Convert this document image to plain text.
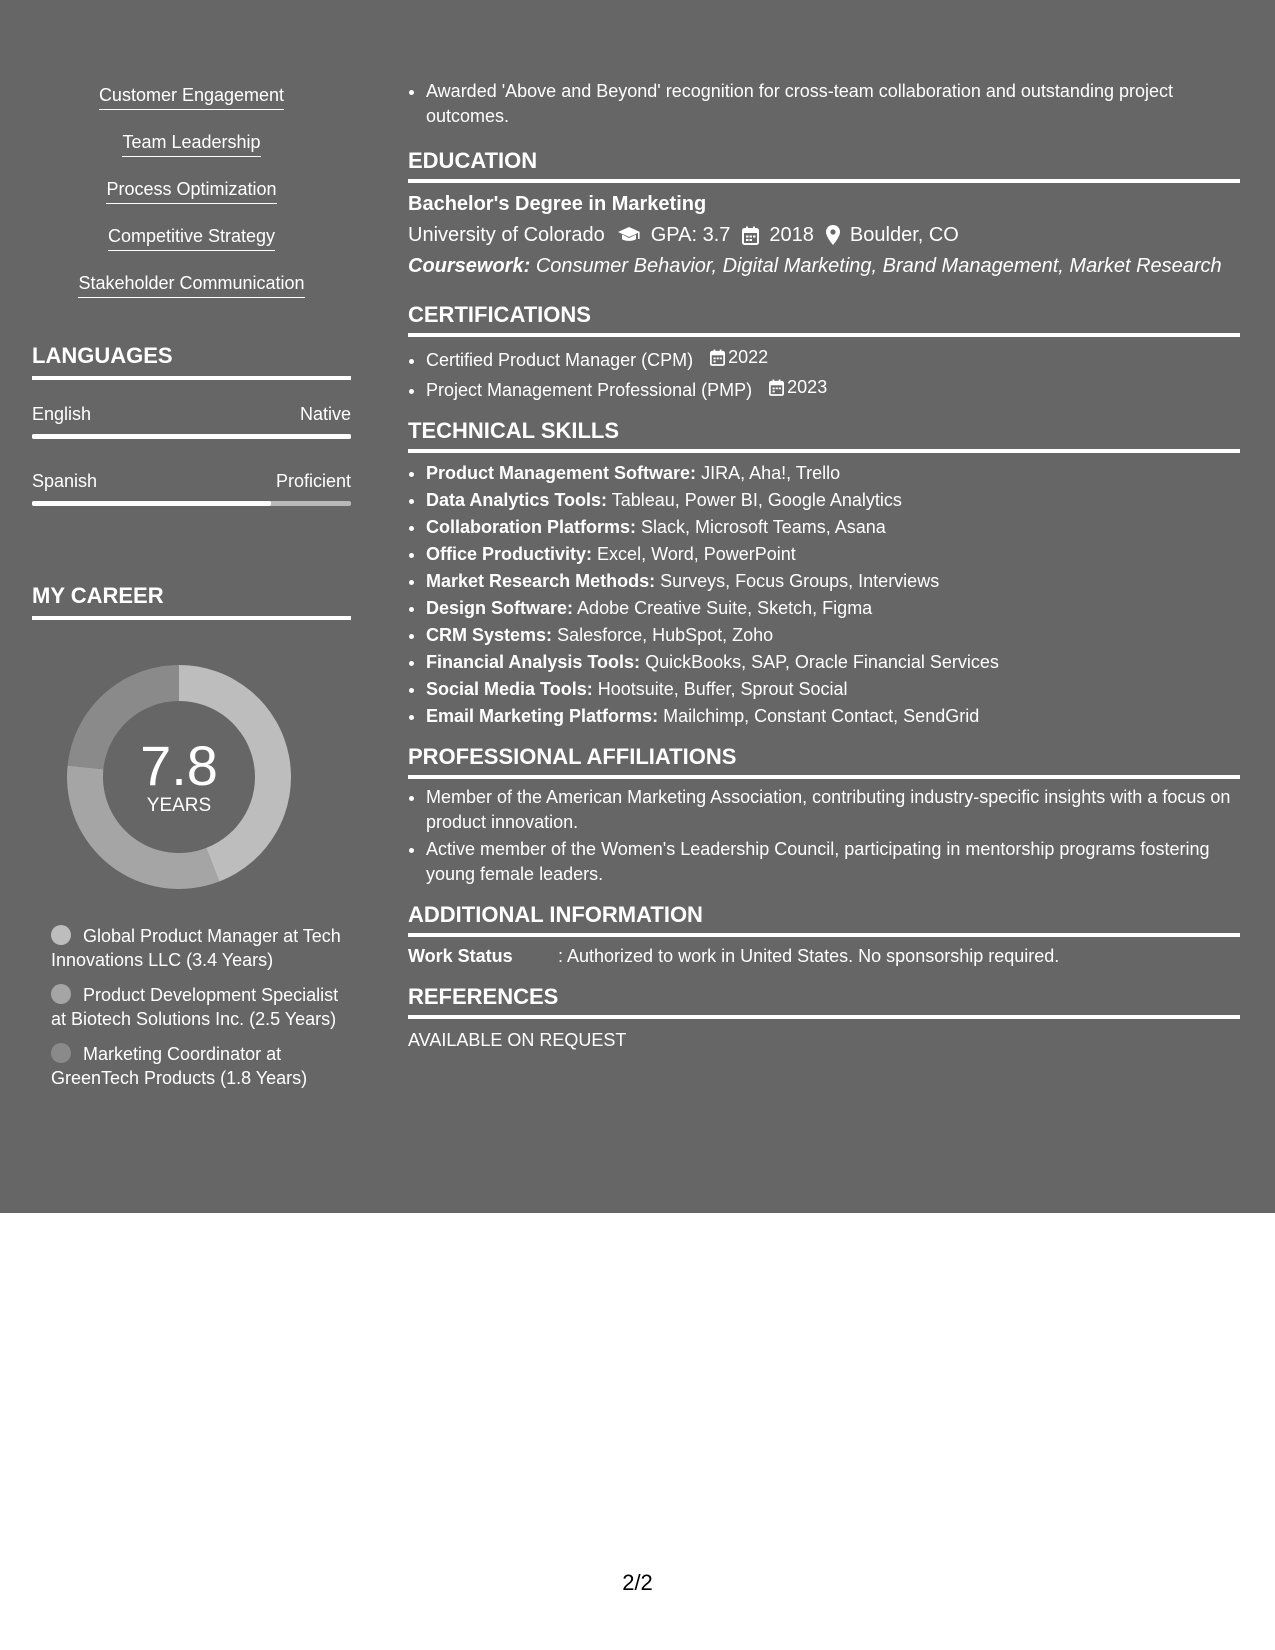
Customer Engagement
Team Leadership
Process Optimization
Competitive Strategy
Stakeholder Communication
LANGUAGES
English	Native
Spanish	Proficient
MY CAREER
7.8
YEARS
Global Product Manager at Tech Innovations LLC (3.4 Years)
Product Development Specialist at Biotech Solutions Inc. (2.5 Years)
Marketing Coordinator at GreenTech Products (1.8 Years)
• Awarded 'Above and Beyond' recognition for cross-team collaboration and outstanding project outcomes.
EDUCATION
Bachelor's Degree in Marketing
University of Colorado GPA: 3.7 2018 Boulder, CO
Coursework: Consumer Behavior, Digital Marketing, Brand Management, Market Research
CERTIFICATIONS
• Certified Product Manager (CPM) 2022
• Project Management Professional (PMP) 2023
TECHNICAL SKILLS
• Product Management Software: JIRA, Aha!, Trello
• Data Analytics Tools: Tableau, Power BI, Google Analytics
• Collaboration Platforms: Slack, Microsoft Teams, Asana
• Office Productivity: Excel, Word, PowerPoint
• Market Research Methods: Surveys, Focus Groups, Interviews
• Design Software: Adobe Creative Suite, Sketch, Figma
• CRM Systems: Salesforce, HubSpot, Zoho
• Financial Analysis Tools: QuickBooks, SAP, Oracle Financial Services
• Social Media Tools: Hootsuite, Buffer, Sprout Social
• Email Marketing Platforms: Mailchimp, Constant Contact, SendGrid
PROFESSIONAL AFFILIATIONS
• Member of the American Marketing Association, contributing industry-specific insights with a focus on product innovation.
• Active member of the Women's Leadership Council, participating in mentorship programs fostering young female leaders.
ADDITIONAL INFORMATION
Work Status	: Authorized to work in United States. No sponsorship required.
REFERENCES
AVAILABLE ON REQUEST
2/2
